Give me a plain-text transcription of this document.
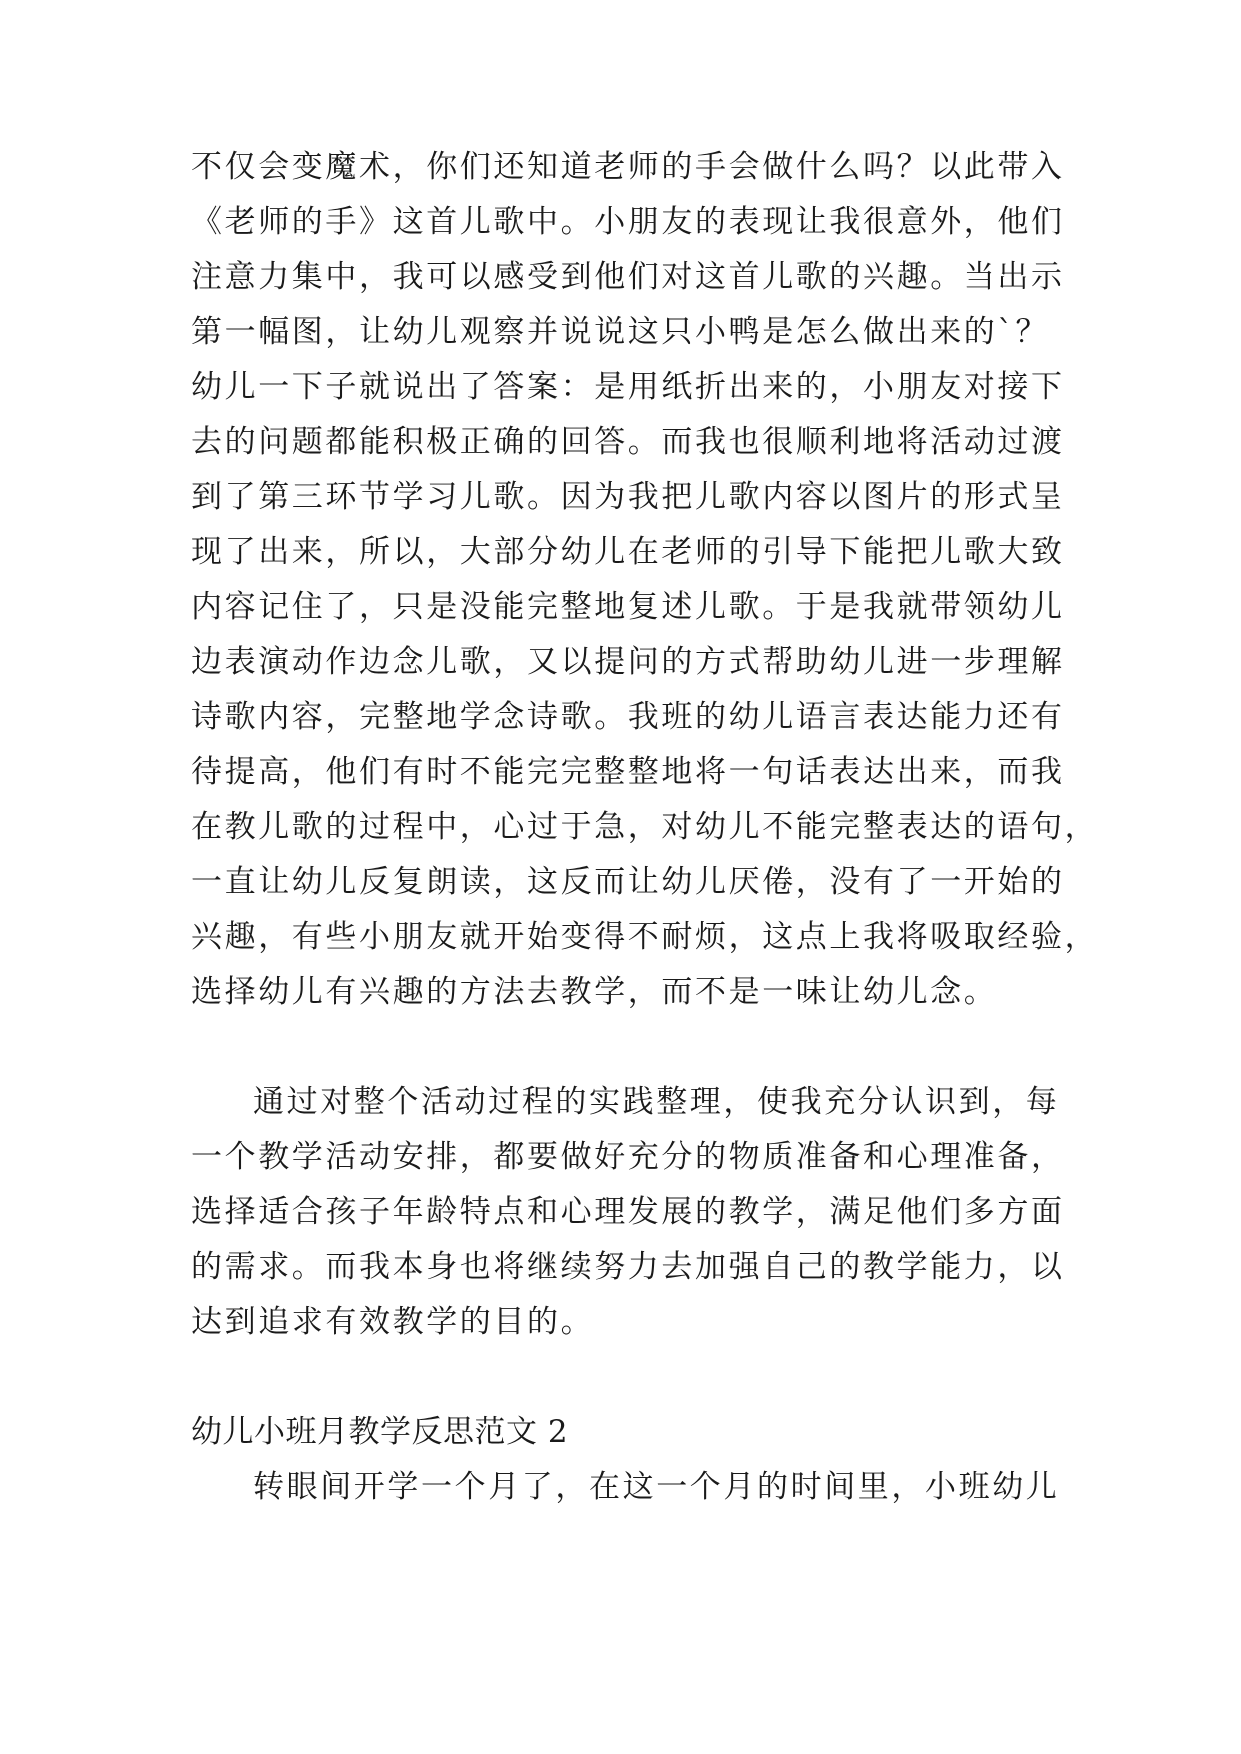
不仅会变魔术，你们还知道老师的手会做什么吗？以此带入
《老师的手》这首儿歌中。小朋友的表现让我很意外，他们
注意力集中，我可以感受到他们对这首儿歌的兴趣。当出示
第一幅图，让幼儿观察并说说这只小鸭是怎么做出来的`？
幼儿一下子就说出了答案：是用纸折出来的，小朋友对接下
去的问题都能积极正确的回答。而我也很顺利地将活动过渡
到了第三环节学习儿歌。因为我把儿歌内容以图片的形式呈
现了出来，所以，大部分幼儿在老师的引导下能把儿歌大致
内容记住了，只是没能完整地复述儿歌。于是我就带领幼儿
边表演动作边念儿歌，又以提问的方式帮助幼儿进一步理解
诗歌内容，完整地学念诗歌。我班的幼儿语言表达能力还有
待提高，他们有时不能完完整整地将一句话表达出来，而我
在教儿歌的过程中，心过于急，对幼儿不能完整表达的语句，
一直让幼儿反复朗读，这反而让幼儿厌倦，没有了一开始的
兴趣，有些小朋友就开始变得不耐烦，这点上我将吸取经验，
选择幼儿有兴趣的方法去教学，而不是一味让幼儿念。
通过对整个活动过程的实践整理，使我充分认识到，每
一个教学活动安排，都要做好充分的物质准备和心理准备，
选择适合孩子年龄特点和心理发展的教学，满足他们多方面
的需求。而我本身也将继续努力去加强自己的教学能力，以
达到追求有效教学的目的。
幼儿小班月教学反思范文 2
转眼间开学一个月了，在这一个月的时间里，小班幼儿
